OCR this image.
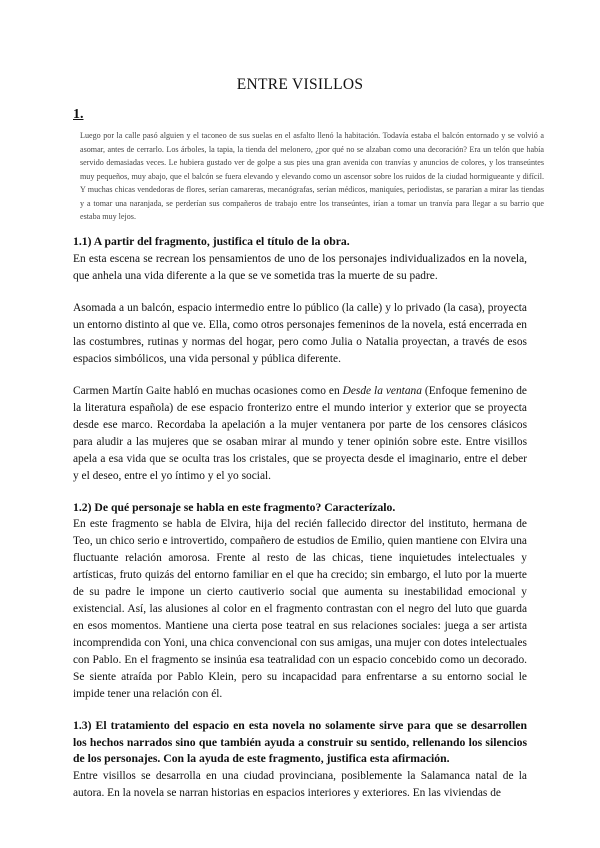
ENTRE VISILLOS
1.
Luego por la calle pasó alguien y el taconeo de sus suelas en el asfalto llenó la habitación. Todavía estaba el balcón entornado y se volvió a asomar, antes de cerrarlo. Los árboles, la tapia, la tienda del melonero, ¿por qué no se alzaban como una decoración? Era un telón que había servido demasiadas veces. Le hubiera gustado ver de golpe a sus pies una gran avenida con tranvías y anuncios de colores, y los transeúntes muy pequeños, muy abajo, que el balcón se fuera elevando y elevando como un ascensor sobre los ruidos de la ciudad hormigueante y difícil. Y muchas chicas vendedoras de flores, serían camareras, mecanógrafas, serían médicos, maniquíes, periodistas, se pararían a mirar las tiendas y a tomar una naranjada, se perderían sus compañeros de trabajo entre los transeúntes, irían a tomar un tranvía para llegar a su barrio que estaba muy lejos.

1.1) A partir del fragmento, justifica el título de la obra.

En esta escena se recrean los pensamientos de uno de los personajes individualizados en la novela, que anhela una vida diferente a la que se ve sometida tras la muerte de su padre.

Asomada a un balcón, espacio intermedio entre lo público (la calle) y lo privado (la casa), proyecta un entorno distinto al que ve. Ella, como otros personajes femeninos de la novela, está encerrada en las costumbres, rutinas y normas del hogar, pero como Julia o Natalia proyectan, a través de esos espacios simbólicos, una vida personal y pública diferente.

Carmen Martín Gaite habló en muchas ocasiones como en Desde la ventana (Enfoque femenino de la literatura española) de ese espacio fronterizo entre el mundo interior y exterior que se proyecta desde ese marco. Recordaba la apelación a la mujer ventanera por parte de los censores clásicos para aludir a las mujeres que se osaban mirar al mundo y tener opinión sobre este. Entre visillos apela a esa vida que se oculta tras los cristales, que se proyecta desde el imaginario, entre el deber y el deseo, entre el yo íntimo y el yo social.

1.2) De qué personaje se habla en este fragmento? Caracterízalo.

En este fragmento se habla de Elvira, hija del recién fallecido director del instituto, hermana de Teo, un chico serio e introvertido, compañero de estudios de Emilio, quien mantiene con Elvira una fluctuante relación amorosa. Frente al resto de las chicas, tiene inquietudes intelectuales y artísticas, fruto quizás del entorno familiar en el que ha crecido; sin embargo, el luto por la muerte de su padre le impone un cierto cautiverio social que aumenta su inestabilidad emocional y existencial. Así, las alusiones al color en el fragmento contrastan con el negro del luto que guarda en esos momentos. Mantiene una cierta pose teatral en sus relaciones sociales: juega a ser artista incomprendida con Yoni, una chica convencional con sus amigas, una mujer con dotes intelectuales con Pablo. En el fragmento se insinúa esa teatralidad con un espacio concebido como un decorado. Se siente atraída por Pablo Klein, pero su incapacidad para enfrentarse a su entorno social le impide tener una relación con él.

1.3) El tratamiento del espacio en esta novela no solamente sirve para que se desarrollen los hechos narrados sino que también ayuda a construir su sentido, rellenando los silencios de los personajes. Con la ayuda de este fragmento, justifica esta afirmación.

Entre visillos se desarrolla en una ciudad provinciana, posiblemente la Salamanca natal de la autora. En la novela se narran historias en espacios interiores y exteriores. En las viviendas de
